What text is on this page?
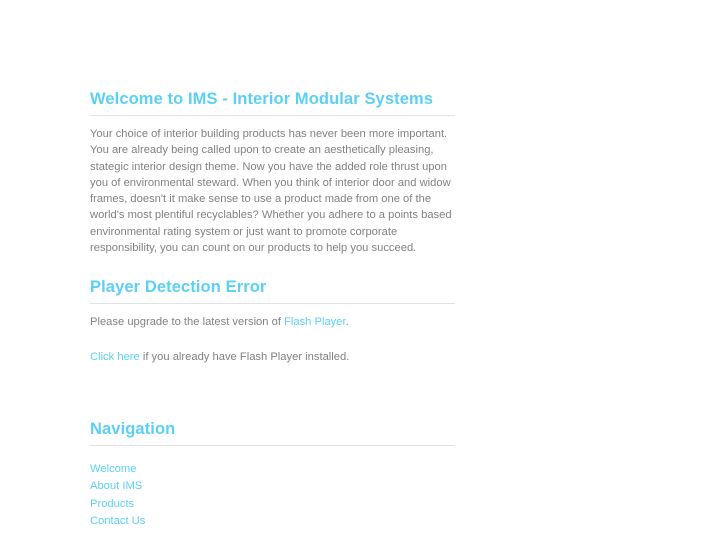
Welcome to IMS - Interior Modular Systems

Your choice of interior building products has never been more important. You are already being called upon to create an aesthetically pleasing, stategic interior design theme. Now you have the added role thrust upon you of environmental steward. When you think of interior door and widow frames, doesn't it make sense to use a product made from one of the world's most plentiful recyclables? Whether you adhere to a points based environmental rating system or just want to promote corporate responsibility, you can count on our products to help you succeed.

Player Detection Error

Please upgrade to the latest version of Flash Player.

Click here if you already have Flash Player installed.

Navigation
Welcome
About IMS
Products
Contact Us
